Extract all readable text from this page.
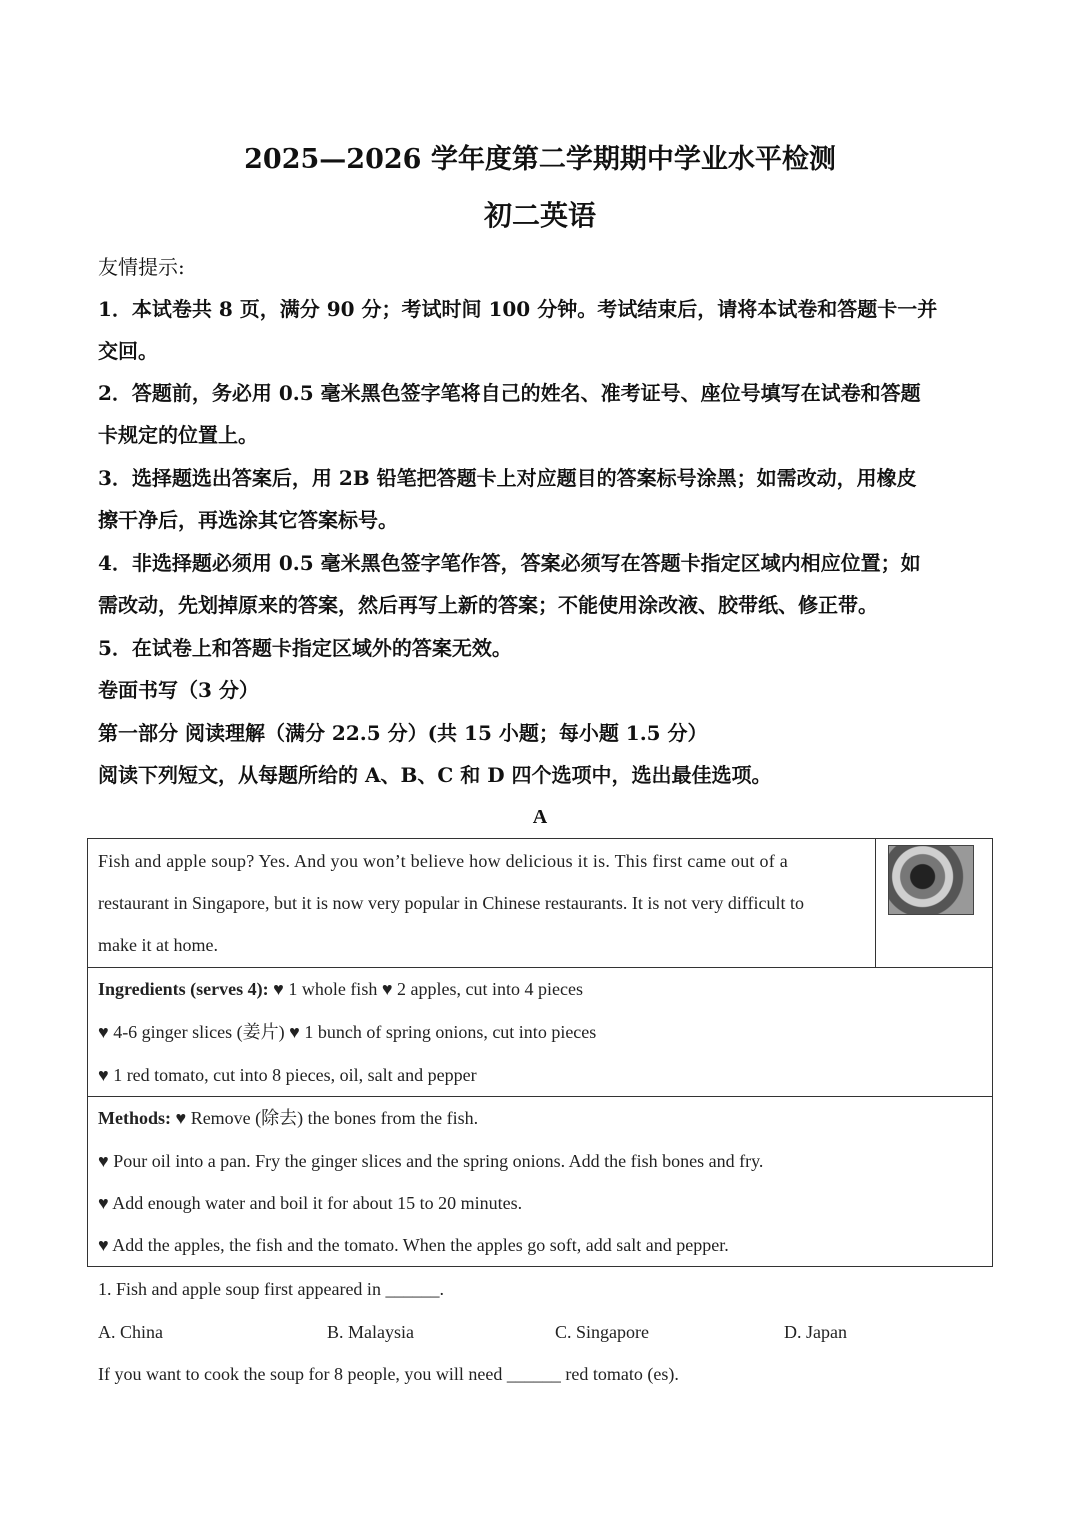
2025—2026 学年度第二学期期中学业水平检测
初二英语
友情提示:
1．本试卷共 8 页，满分 90 分；考试时间 100 分钟。考试结束后，请将本试卷和答题卡一并
交回。
2．答题前，务必用 0.5 毫米黑色签字笔将自己的姓名、准考证号、座位号填写在试卷和答题
卡规定的位置上。
3．选择题选出答案后，用 2B 铅笔把答题卡上对应题目的答案标号涂黑；如需改动，用橡皮
擦干净后，再选涂其它答案标号。
4．非选择题必须用 0.5 毫米黑色签字笔作答，答案必须写在答题卡指定区域内相应位置；如
需改动，先划掉原来的答案，然后再写上新的答案；不能使用涂改液、胶带纸、修正带。
5．在试卷上和答题卡指定区域外的答案无效。
卷面书写（3 分）
第一部分 阅读理解（满分 22.5 分）(共 15 小题；每小题 1.5 分）
阅读下列短文，从每题所给的 A、B、C 和 D 四个选项中，选出最佳选项。
A
Fish and apple soup? Yes. And you won’t believe how delicious it is. This first came out of a
restaurant in Singapore, but it is now very popular in Chinese restaurants. It is not very difficult to
make it at home.
Ingredients (serves 4): ♥ 1 whole fish ♥ 2 apples, cut into 4 pieces
♥ 4-6 ginger slices (姜片) ♥ 1 bunch of spring onions, cut into pieces
♥ 1 red tomato, cut into 8 pieces, oil, salt and pepper
Methods: ♥ Remove (除去) the bones from the fish.
♥ Pour oil into a pan. Fry the ginger slices and the spring onions. Add the fish bones and fry.
♥ Add enough water and boil it for about 15 to 20 minutes.
♥ Add the apples, the fish and the tomato. When the apples go soft, add salt and pepper.
1. Fish and apple soup first appeared in ______.
A. China	B. Malaysia	C. Singapore	D. Japan
If you want to cook the soup for 8 people, you will need ______ red tomato (es).
